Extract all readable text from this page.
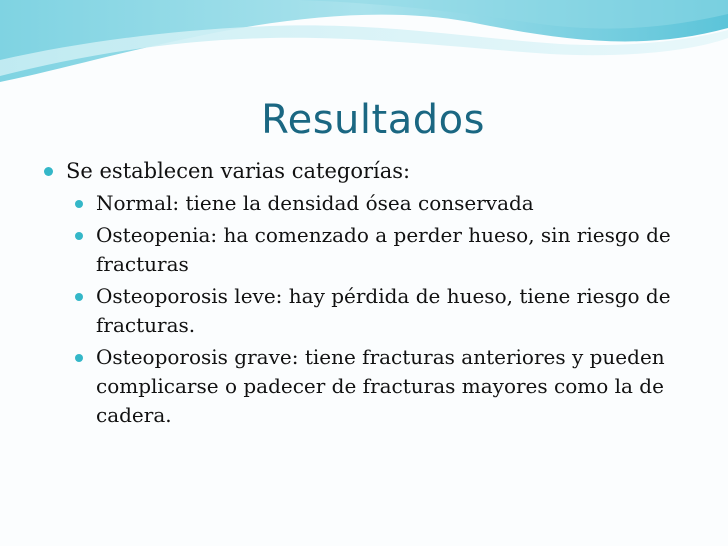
Resultados
Se establecen varias categorías:
Normal: tiene la densidad ósea conservada
Osteopenia: ha comenzado a perder hueso, sin riesgo de fracturas
Osteoporosis leve: hay pérdida de hueso, tiene riesgo de fracturas.
Osteoporosis grave: tiene fracturas anteriores y pueden complicarse o padecer de fracturas mayores como la de cadera.
